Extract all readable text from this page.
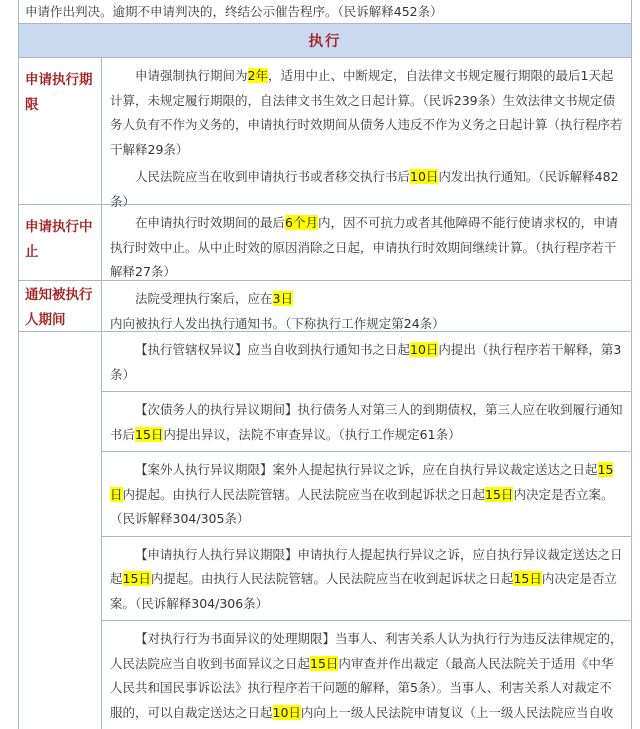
申请作出判决。逾期不申请判决的，终结公示催告程序。（民诉解释452条）
执行
申请执行期限

申请强制执行期间为2年，适用中止、中断规定，自法律文书规定履行期限的最后1天起计算，未规定履行期限的，自法律文书生效之日起计算。（民诉239条）生效法律文书规定债务人负有不作为义务的，申请执行时效期间从债务人违反不作为义务之日起计算（执行程序若干解释29条）

人民法院应当在收到申请执行书或者移交执行书后10日内发出执行通知。（民诉解释482条）

申请执行中止

在申请执行时效期间的最后6个月内，因不可抗力或者其他障碍不能行使请求权的，申请执行时效中止。从中止时效的原因消除之日起，申请执行时效期间继续计算。（执行程序若干解释27条）

通知被执行人期间

法院受理执行案后，应在3日内向被执行人发出执行通知书。（下称执行工作规定第24条）

【执行管辖权异议】应当自收到执行通知书之日起10日内提出（执行程序若干解释，第3条）

【次债务人的执行异议期间】执行债务人对第三人的到期债权，第三人应在收到履行通知书后15日内提出异议，法院不审查异议。（执行工作规定61条）

【案外人执行异议期限】案外人提起执行异议之诉，应在自执行异议裁定送达之日起15日内提起。由执行人民法院管辖。人民法院应当在收到起诉状之日起15日内决定是否立案。（民诉解释304/305条）

【申请执行人执行异议期限】申请执行人提起执行异议之诉，应自执行异议裁定送达之日起15日内提起。由执行人民法院管辖。人民法院应当在收到起诉状之日起15日内决定是否立案。（民诉解释304/306条）

【对执行行为书面异议的处理期限】当事人、利害关系人认为执行行为违反法律规定的，人民法院应当自收到书面异议之日起15日内审查并作出裁定（最高人民法院关于适用《中华人民共和国民事诉讼法》执行程序若干问题的解释，第5条）。当事人、利害关系人对裁定不服的，可以自裁定送达之日起10日内向上一级人民法院申请复议（上一级人民法院应当自收
